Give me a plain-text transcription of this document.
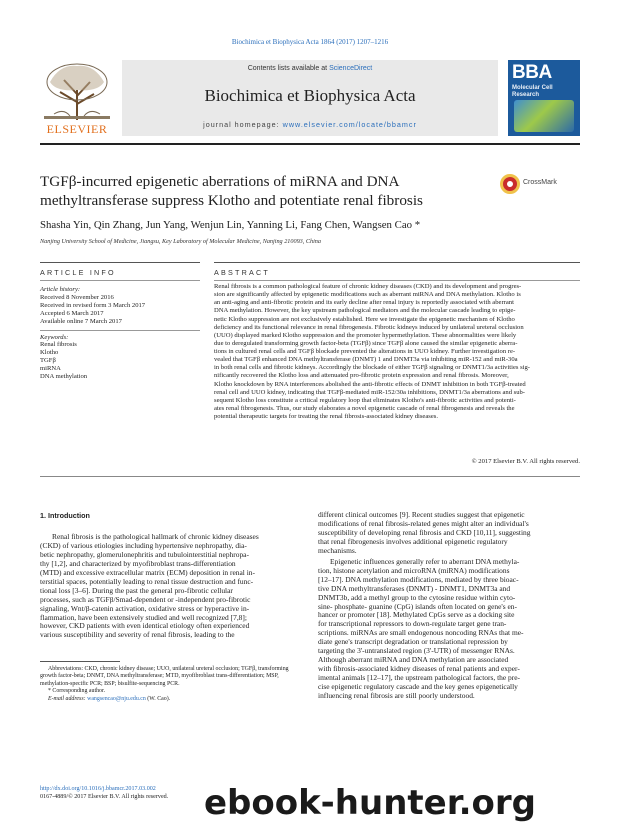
Biochimica et Biophysica Acta 1864 (2017) 1207–1216
ELSEVIER
Contents lists available at ScienceDirect
Biochimica et Biophysica Acta
journal homepage: www.elsevier.com/locate/bbamcr
BBA
Molecular Cell
Research
TGFβ-incurred epigenetic aberrations of miRNA and DNA
methyltransferase suppress Klotho and potentiate renal fibrosis
CrossMark
Shasha Yin, Qin Zhang, Jun Yang, Wenjun Lin, Yanning Li, Fang Chen, Wangsen Cao *
Nanjing University School of Medicine, Jiangsu, Key Laboratory of Molecular Medicine, Nanjing 210093, China
ARTICLE INFO	ABSTRACT
Article history:
Received 8 November 2016
Received in revised form 3 March 2017
Accepted 6 March 2017
Available online 7 March 2017
Keywords:
Renal fibrosis
Klotho
TGFβ
miRNA
DNA methylation
Renal fibrosis is a common pathological feature of chronic kidney diseases (CKD) and its development and progres-
sion are significantly affected by epigenetic modifications such as aberrant miRNA and DNA methylation. Klotho is
an anti-aging and anti-fibrotic protein and its early decline after renal injury is reportedly associated with aberrant
DNA methylation. However, the key upstream pathological mediators and the molecular cascade leading to epige-
netic Klotho suppression are not exclusively established. Here we investigate the epigenetic mechanism of Klotho
deficiency and its functional relevance in renal fibrogenesis. Fibrotic kidneys induced by unilateral ureteral occlusion
(UUO) displayed marked Klotho suppression and the promoter hypermethylation. These abnormalities were likely
due to deregulated transforming growth factor-beta (TGFβ) since TGFβ alone caused the similar epigenetic aberra-
tions in cultured renal cells and TGFβ blockade prevented the alterations in UUO kidney. Further investigation re-
vealed that TGFβ enhanced DNA methyltransferase (DNMT) 1 and DNMT3a via inhibiting miR-152 and miR-30a
in both renal cells and fibrotic kidneys. Accordingly the blockade of either TGFβ signaling or DNMT1/3a activities sig-
nificantly recovered the Klotho loss and attenuated pro-fibrotic protein expression and renal fibrosis. Moreover,
Klotho knockdown by RNA interferences abolished the anti-fibrotic effects of DNMT inhibition in both TGFβ-treated
renal cell and UUO kidney, indicating that TGFβ-mediated miR-152/30a inhibitions, DNMT1/3a aberrations and sub-
sequent Klotho loss constitute a critical regulatory loop that eliminates Klotho's anti-fibrotic activities and potenti-
ates renal fibrogenesis. Thus, our study elaborates a novel epigenetic cascade of renal fibrogenesis and reveals the
potential therapeutic targets for treating the renal fibrosis-associated kidney diseases.
© 2017 Elsevier B.V. All rights reserved.
1. Introduction
Renal fibrosis is the pathological hallmark of chronic kidney diseases
(CKD) of various etiologies including hypertensive nephropathy, dia-
betic nephropathy, glomerulonephritis and tubulointerstitial nephropa-
thy [1,2], and characterized by myofibroblast trans-differentiation
(MTD) and excessive extracellular matrix (ECM) deposition in renal in-
terstitial spaces, potentially leading to renal tissue destruction and func-
tional loss [3–6]. During the past the general pro-fibrotic cellular
processes, such as TGFβ/Smad-dependent or -independent pro-fibrotic
signaling, Wnt/β-catenin activation, oxidative stress or hyperactive in-
flammation, have been extensively studied and well recognized [7,8];
however, CKD patients with even identical etiology often experienced
various susceptibility and severity of renal fibrosis, leading to the
different clinical outcomes [9]. Recent studies suggest that epigenetic
modifications of renal fibrosis-related genes might alter an individual's
susceptibility of developing renal fibrosis and CKD [10,11], suggesting
that renal fibrogenesis involves additional epigenetic regulatory
mechanisms.
Epigenetic influences generally refer to aberrant DNA methyla-
tion, histone acetylation and microRNA (miRNA) modifications
[12–17]. DNA methylation modifications, mediated by three bioac-
tive DNA methyltransferases (DNMT) - DNMT1, DNMT3a and
DNMT3b, add a methyl group to the cytosine residue within cyto-
sine- phosphate- guanine (CpG) islands often located on gene's en-
hancer or promoter [18]. Methylated CpGs serve as a docking site
for transcriptional repressors to down-regulate target gene tran-
scriptions. miRNAs are small endogenous noncoding RNAs that me-
diate gene's transcript degradation or translational repression by
targeting the 3'-untranslated region (3'-UTR) of messenger RNAs.
Although aberrant miRNA and DNA methylation are associated
with fibrosis-associated kidney diseases of renal patients and exper-
imental animals [12–17], the upstream pathological factors, the pre-
cise epigenetic regulatory cascade and the key genes epigenetically
influencing renal fibrosis are still poorly understood.

Abbreviations: CKD, chronic kidney disease; UUO, unilateral ureteral occlusion; TGFβ, transforming growth factor-beta; DNMT, DNA methyltransferase; MTD, myofibroblast trans-differentiation; MSP, methylation-specific PCR; BSP; bisulfite-sequencing PCR.

* Corresponding author.

E-mail address: wangsencao@nju.edu.cn (W. Cao).

http://dx.doi.org/10.1016/j.bbamcr.2017.03.002
0167-4889/© 2017 Elsevier B.V. All rights reserved.	ebook-hunter.org
